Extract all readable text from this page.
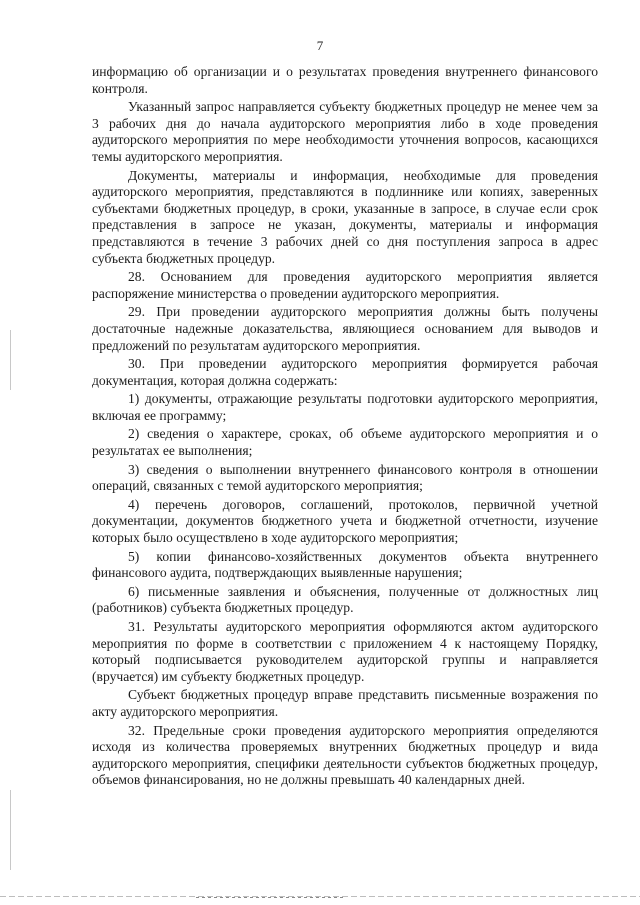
7

информацию об организации и о результатах проведения внутреннего финансового контроля.

Указанный запрос направляется субъекту бюджетных процедур не менее чем за 3 рабочих дня до начала аудиторского мероприятия либо в ходе проведения аудиторского мероприятия по мере необходимости уточнения вопросов, касающихся темы аудиторского мероприятия.

Документы, материалы и информация, необходимые для проведения аудиторского мероприятия, представляются в подлиннике или копиях, заверенных субъектами бюджетных процедур, в сроки, указанные в запросе, в случае если срок представления в запросе не указан, документы, материалы и информация представляются в течение 3 рабочих дней со дня поступления запроса в адрес субъекта бюджетных процедур.

28. Основанием для проведения аудиторского мероприятия является распоряжение министерства о проведении аудиторского мероприятия.

29. При проведении аудиторского мероприятия должны быть получены достаточные надежные доказательства, являющиеся основанием для выводов и предложений по результатам аудиторского мероприятия.

30. При проведении аудиторского мероприятия формируется рабочая документация, которая должна содержать:

1) документы, отражающие результаты подготовки аудиторского мероприятия, включая ее программу;

2) сведения о характере, сроках, об объеме аудиторского мероприятия и о результатах ее выполнения;

3) сведения о выполнении внутреннего финансового контроля в отношении операций, связанных с темой аудиторского мероприятия;

4) перечень договоров, соглашений, протоколов, первичной учетной документации, документов бюджетного учета и бюджетной отчетности, изучение которых было осуществлено в ходе аудиторского мероприятия;

5) копии финансово-хозяйственных документов объекта внутреннего финансового аудита, подтверждающих выявленные нарушения;

6) письменные заявления и объяснения, полученные от должностных лиц (работников) субъекта бюджетных процедур.

31. Результаты аудиторского мероприятия оформляются актом аудиторского мероприятия по форме в соответствии с приложением 4 к настоящему Порядку, который подписывается руководителем аудиторской группы и направляется (вручается) им субъекту бюджетных процедур.

Субъект бюджетных процедур вправе представить письменные возражения по акту аудиторского мероприятия.

32. Предельные сроки проведения аудиторского мероприятия определяются исходя из количества проверяемых внутренних бюджетных процедур и вида аудиторского мероприятия, специфики деятельности субъектов бюджетных процедур, объемов финансирования, но не должны превышать 40 календарных дней.
